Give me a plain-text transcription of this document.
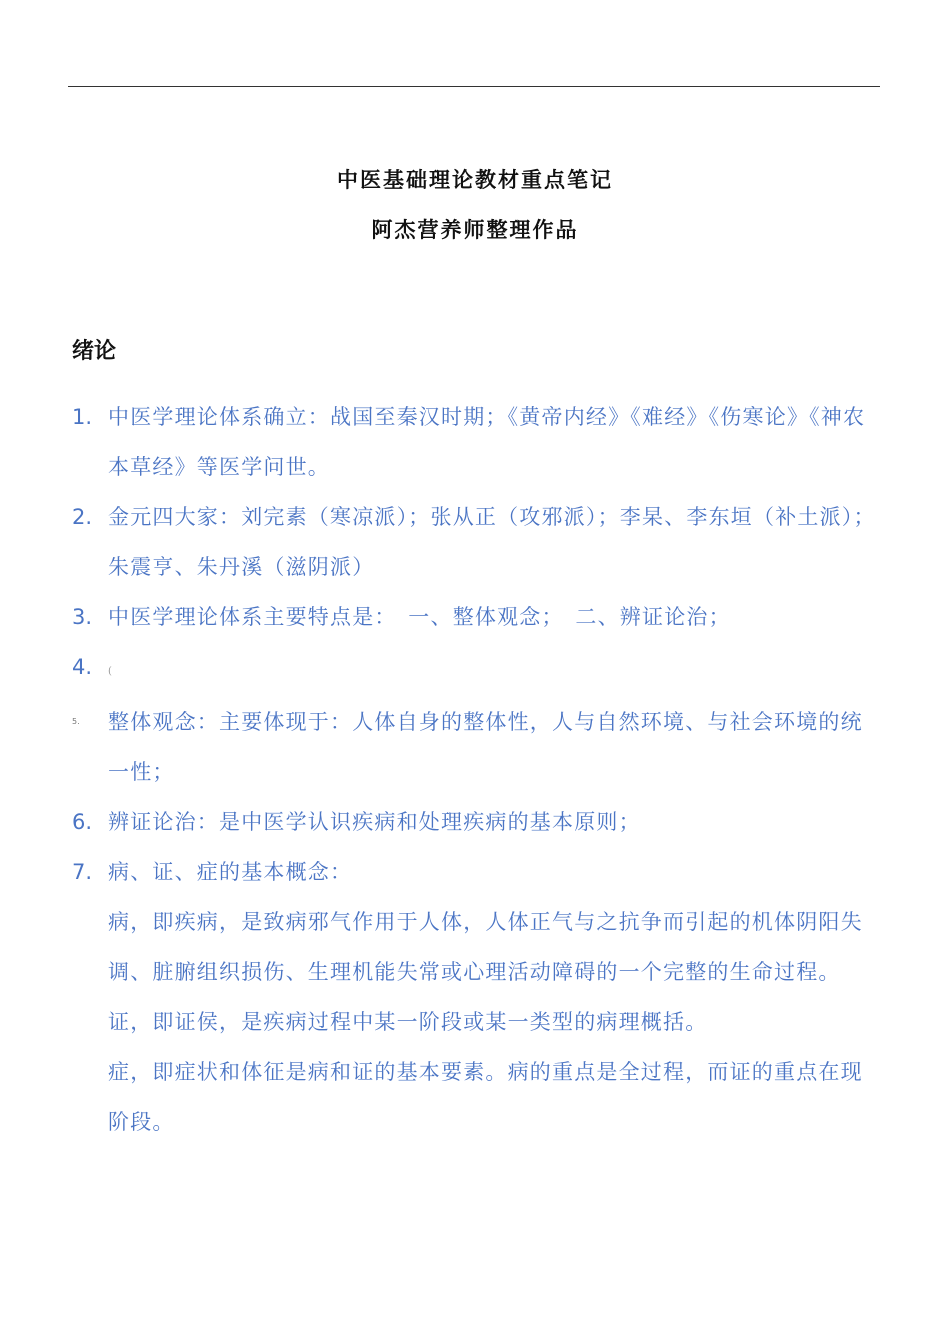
中医基础理论教材重点笔记
阿杰营养师整理作品
绪论
1. 中医学理论体系确立：战国至秦汉时期；《黄帝内经》《难经》《伤寒论》《神农本草经》等医学问世。
2. 金元四大家：刘完素（寒凉派）；张从正（攻邪派）；李杲、李东垣（补土派）；朱震亨、朱丹溪（滋阴派）
3. 中医学理论体系主要特点是：　一、整体观念；　二、辨证论治；
4.	(
5.	整体观念：主要体现于：人体自身的整体性，人与自然环境、与社会环境的统一性；
6. 辨证论治：是中医学认识疾病和处理疾病的基本原则；
7. 病、证、症的基本概念：
病，即疾病，是致病邪气作用于人体，人体正气与之抗争而引起的机体阴阳失调、脏腑组织损伤、生理机能失常或心理活动障碍的一个完整的生命过程。
证，即证侯，是疾病过程中某一阶段或某一类型的病理概括。
症，即症状和体征是病和证的基本要素。病的重点是全过程，而证的重点在现阶段。
